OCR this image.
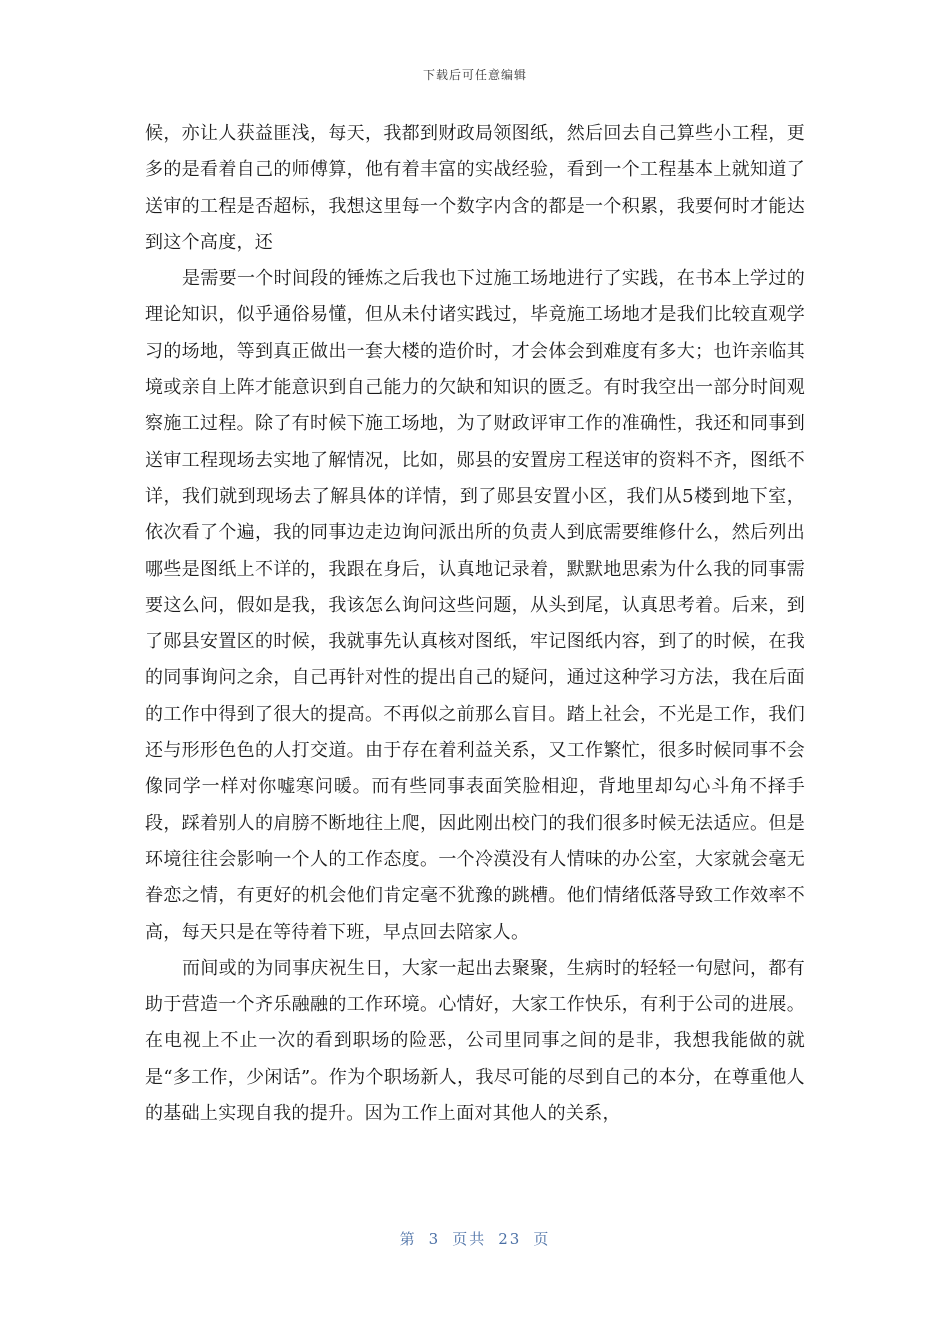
下载后可任意编辑

候，亦让人获益匪浅，每天，我都到财政局领图纸，然后回去自己算些小工程，更多的是看着自己的师傅算，他有着丰富的实战经验，看到一个工程基本上就知道了送审的工程是否超标，我想这里每一个数字内含的都是一个积累，我要何时才能达到这个高度，还

是需要一个时间段的锤炼之后我也下过施工场地进行了实践，在书本上学过的理论知识，似乎通俗易懂，但从未付诸实践过，毕竟施工场地才是我们比较直观学习的场地，等到真正做出一套大楼的造价时，才会体会到难度有多大；也许亲临其境或亲自上阵才能意识到自己能力的欠缺和知识的匮乏。有时我空出一部分时间观察施工过程。除了有时候下施工场地，为了财政评审工作的准确性，我还和同事到送审工程现场去实地了解情况，比如，郧县的安置房工程送审的资料不齐，图纸不详，我们就到现场去了解具体的详情，到了郧县安置小区，我们从5楼到地下室，依次看了个遍，我的同事边走边询问派出所的负责人到底需要维修什么，然后列出哪些是图纸上不详的，我跟在身后，认真地记录着，默默地思索为什么我的同事需要这么问，假如是我，我该怎么询问这些问题，从头到尾，认真思考着。后来，到了郧县安置区的时候，我就事先认真核对图纸，牢记图纸内容，到了的时候，在我的同事询问之余，自己再针对性的提出自己的疑问，通过这种学习方法，我在后面的工作中得到了很大的提高。不再似之前那么盲目。踏上社会，不光是工作，我们还与形形色色的人打交道。由于存在着利益关系，又工作繁忙，很多时候同事不会像同学一样对你嘘寒问暖。而有些同事表面笑脸相迎，背地里却勾心斗角不择手段，踩着别人的肩膀不断地往上爬，因此刚出校门的我们很多时候无法适应。但是环境往往会影响一个人的工作态度。一个冷漠没有人情味的办公室，大家就会毫无眷恋之情，有更好的机会他们肯定毫不犹豫的跳槽。他们情绪低落导致工作效率不高，每天只是在等待着下班，早点回去陪家人。

而间或的为同事庆祝生日，大家一起出去聚聚，生病时的轻轻一句慰问，都有助于营造一个齐乐融融的工作环境。心情好，大家工作快乐，有利于公司的进展。在电视上不止一次的看到职场的险恶，公司里同事之间的是非，我想我能做的就是“多工作，少闲话”。作为个职场新人，我尽可能的尽到自己的本分，在尊重他人的基础上实现自我的提升。因为工作上面对其他人的关系，

第 3 页共 23 页
